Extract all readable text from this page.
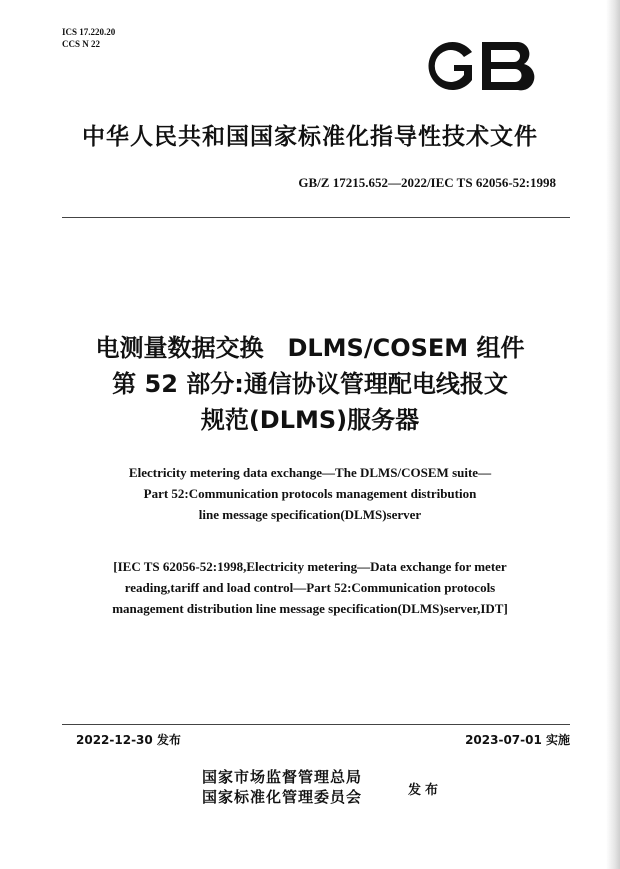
ICS 17.220.20
CCS N 22
中华人民共和国国家标准化指导性技术文件
GB/Z 17215.652—2022/IEC TS 62056-52:1998
电测量数据交换　DLMS/COSEM 组件
第 52 部分:通信协议管理配电线报文
规范(DLMS)服务器
Electricity metering data exchange—The DLMS/COSEM suite—
Part 52:Communication protocols management distribution
line message specification(DLMS)server
[IEC TS 62056-52:1998,Electricity metering—Data exchange for meter
reading,tariff and load control—Part 52:Communication protocols
management distribution line message specification(DLMS)server,IDT]
2022-12-30 发布	2023-07-01 实施
国家市场监督管理总局
国家标准化管理委员会	发布
